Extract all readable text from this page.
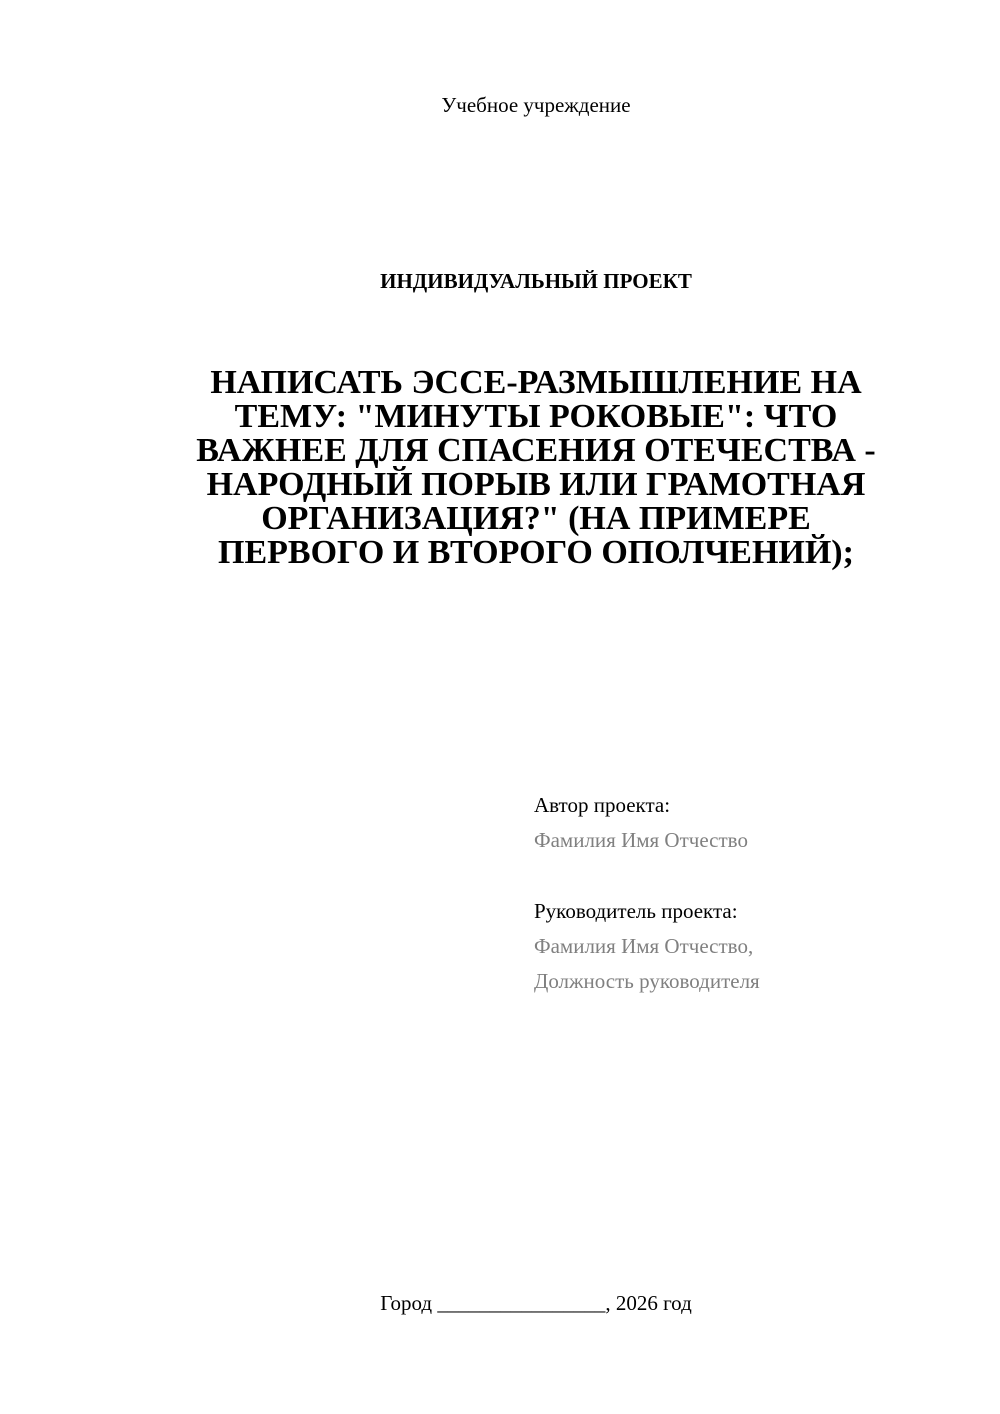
Учебное учреждение
ИНДИВИДУАЛЬНЫЙ ПРОЕКТ
НАПИСАТЬ ЭССЕ-РАЗМЫШЛЕНИЕ НА
ТЕМУ: "МИНУТЫ РОКОВЫЕ": ЧТО
ВАЖНЕЕ ДЛЯ СПАСЕНИЯ ОТЕЧЕСТВА -
НАРОДНЫЙ ПОРЫВ ИЛИ ГРАМОТНАЯ
ОРГАНИЗАЦИЯ?" (НА ПРИМЕРЕ
ПЕРВОГО И ВТОРОГО ОПОЛЧЕНИЙ);
Автор проекта:
Фамилия Имя Отчество
Руководитель проекта:
Фамилия Имя Отчество,
Должность руководителя
Город ________________, 2026 год
